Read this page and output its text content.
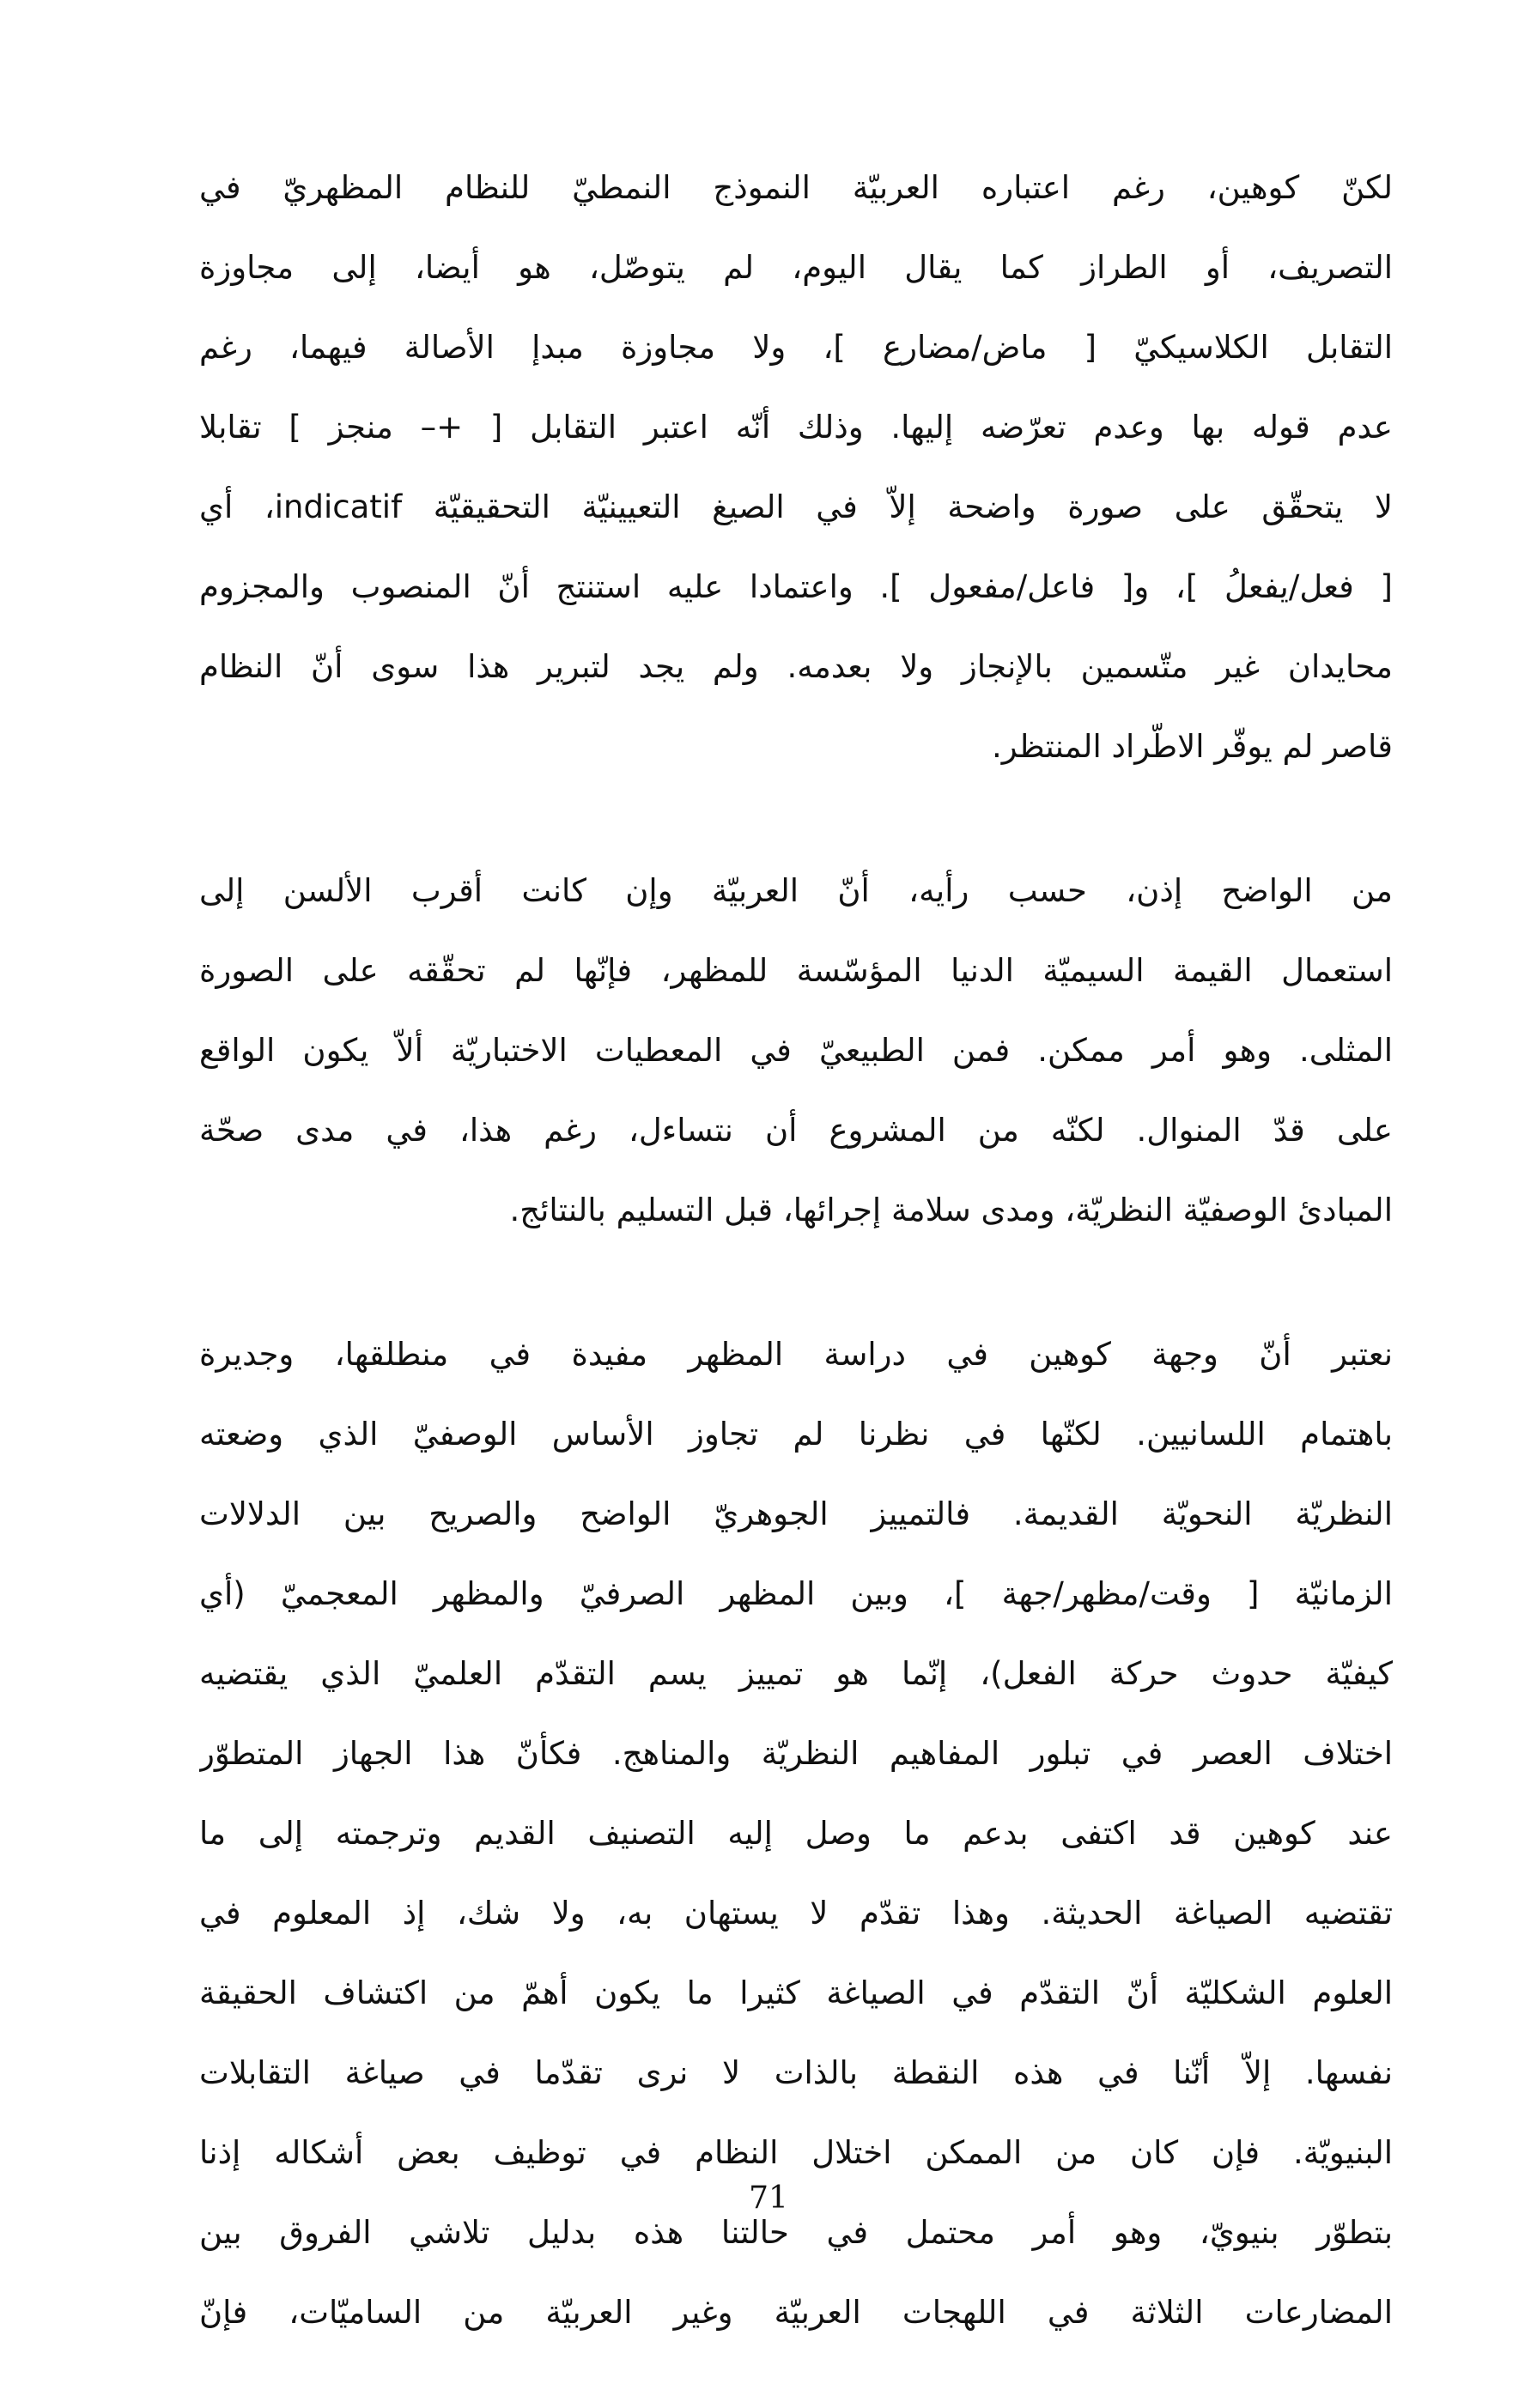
لكنّ كوهين، رغم اعتباره العربيّة النموذج النمطيّ للنظام المظهريّ في
التصريف، أو الطراز كما يقال اليوم، لم يتوصّل، هو أيضا، إلى مجاوزة
التقابل الكلاسيكيّ [ ماض/مضارع ]، ولا مجاوزة مبدإ الأصالة فيهما، رغم
عدم قوله بها وعدم تعرّضه إليها. وذلك أنّه اعتبر التقابل [ +– منجز ] تقابلا
لا يتحقّق على صورة واضحة إلاّ في الصيغ التعيينيّة التحقيقيّة indicatif، أي
[ فعل/يفعلُ ]، و[ فاعل/مفعول ]. واعتمادا عليه استنتج أنّ المنصوب والمجزوم
محايدان غير متّسمين بالإنجاز ولا بعدمه. ولم يجد لتبرير هذا سوى أنّ النظام
قاصر لم يوفّر الاطّراد المنتظر.
من الواضح إذن، حسب رأيه، أنّ العربيّة وإن كانت أقرب الألسن إلى
استعمال القيمة السيميّة الدنيا المؤسّسة للمظهر، فإنّها لم تحقّقه على الصورة
المثلى. وهو أمر ممكن. فمن الطبيعيّ في المعطيات الاختباريّة ألاّ يكون الواقع
على قدّ المنوال. لكنّه من المشروع أن نتساءل، رغم هذا، في مدى صحّة
المبادئ الوصفيّة النظريّة، ومدى سلامة إجرائها، قبل التسليم بالنتائج.
نعتبر أنّ وجهة كوهين في دراسة المظهر مفيدة في منطلقها، وجديرة
باهتمام اللسانيين. لكنّها في نظرنا لم تجاوز الأساس الوصفيّ الذي وضعته
النظريّة النحويّة القديمة. فالتمييز الجوهريّ الواضح والصريح بين الدلالات
الزمانيّة [ وقت/مظهر/جهة ]، وبين المظهر الصرفيّ والمظهر المعجميّ (أي
كيفيّة حدوث حركة الفعل)، إنّما هو تمييز يسم التقدّم العلميّ الذي يقتضيه
اختلاف العصر في تبلور المفاهيم النظريّة والمناهج. فكأنّ هذا الجهاز المتطوّر
عند كوهين قد اكتفى بدعم ما وصل إليه التصنيف القديم وترجمته إلى ما
تقتضيه الصياغة الحديثة. وهذا تقدّم لا يستهان به، ولا شك، إذ المعلوم في
العلوم الشكليّة أنّ التقدّم في الصياغة كثيرا ما يكون أهمّ من اكتشاف الحقيقة
نفسها. إلاّ أنّنا في هذه النقطة بالذات لا نرى تقدّما في صياغة التقابلات
البنيويّة. فإن كان من الممكن اختلال النظام في توظيف بعض أشكاله إذنا
بتطوّر بنيويّ، وهو أمر محتمل في حالتنا هذه بدليل تلاشي الفروق بين
المضارعات الثلاثة في اللهجات العربيّة وغير العربيّة من الساميّات، فإنّ
71
